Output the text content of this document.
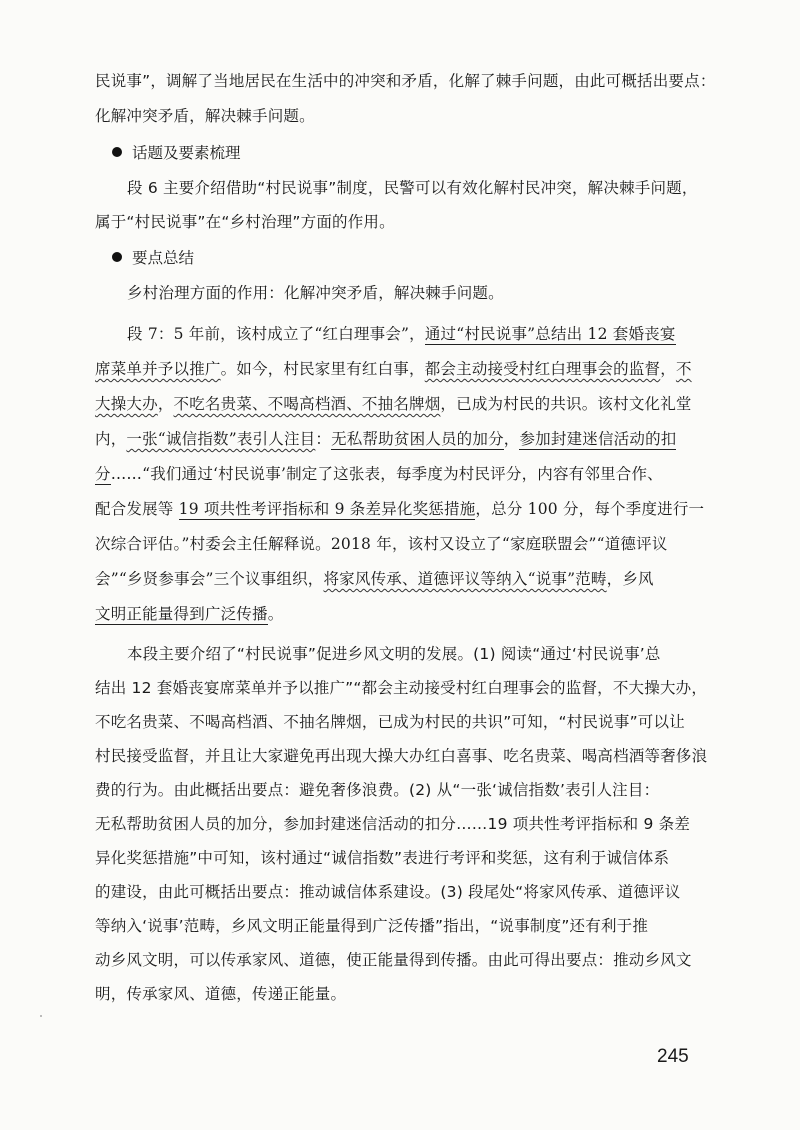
民说事”，调解了当地居民在生活中的冲突和矛盾，化解了棘手问题，由此可概括出要点：
化解冲突矛盾，解决棘手问题。
话题及要素梳理
段 6 主要介绍借助“村民说事”制度，民警可以有效化解村民冲突，解决棘手问题，
属于“村民说事”在“乡村治理”方面的作用。
要点总结
乡村治理方面的作用：化解冲突矛盾，解决棘手问题。
段 7：5 年前，该村成立了“红白理事会”，通过“村民说事”总结出 12 套婚丧宴
席菜单并予以推广。如今，村民家里有红白事，都会主动接受村红白理事会的监督，不
大操大办，不吃名贵菜、不喝高档酒、不抽名牌烟，已成为村民的共识。该村文化礼堂
内，一张“诚信指数”表引人注目：无私帮助贫困人员的加分，参加封建迷信活动的扣
分……“我们通过‘村民说事’制定了这张表，每季度为村民评分，内容有邻里合作、
配合发展等 19 项共性考评指标和 9 条差异化奖惩措施，总分 100 分，每个季度进行一
次综合评估。”村委会主任解释说。2018 年，该村又设立了“家庭联盟会”“道德评议
会”“乡贤参事会”三个议事组织，将家风传承、道德评议等纳入“说事”范畴，乡风
文明正能量得到广泛传播。
本段主要介绍了“村民说事”促进乡风文明的发展。(1) 阅读“通过‘村民说事’总
结出 12 套婚丧宴席菜单并予以推广”“都会主动接受村红白理事会的监督，不大操大办，
不吃名贵菜、不喝高档酒、不抽名牌烟，已成为村民的共识”可知，“村民说事”可以让
村民接受监督，并且让大家避免再出现大操大办红白喜事、吃名贵菜、喝高档酒等奢侈浪
费的行为。由此概括出要点：避免奢侈浪费。(2) 从“一张‘诚信指数’表引人注目：
无私帮助贫困人员的加分，参加封建迷信活动的扣分……19 项共性考评指标和 9 条差
异化奖惩措施”中可知，该村通过“诚信指数”表进行考评和奖惩，这有利于诚信体系
的建设，由此可概括出要点：推动诚信体系建设。(3) 段尾处“将家风传承、道德评议
等纳入‘说事’范畴，乡风文明正能量得到广泛传播”指出，“说事制度”还有利于推
动乡风文明，可以传承家风、道德，使正能量得到传播。由此可得出要点：推动乡风文
明，传承家风、道德，传递正能量。
245
